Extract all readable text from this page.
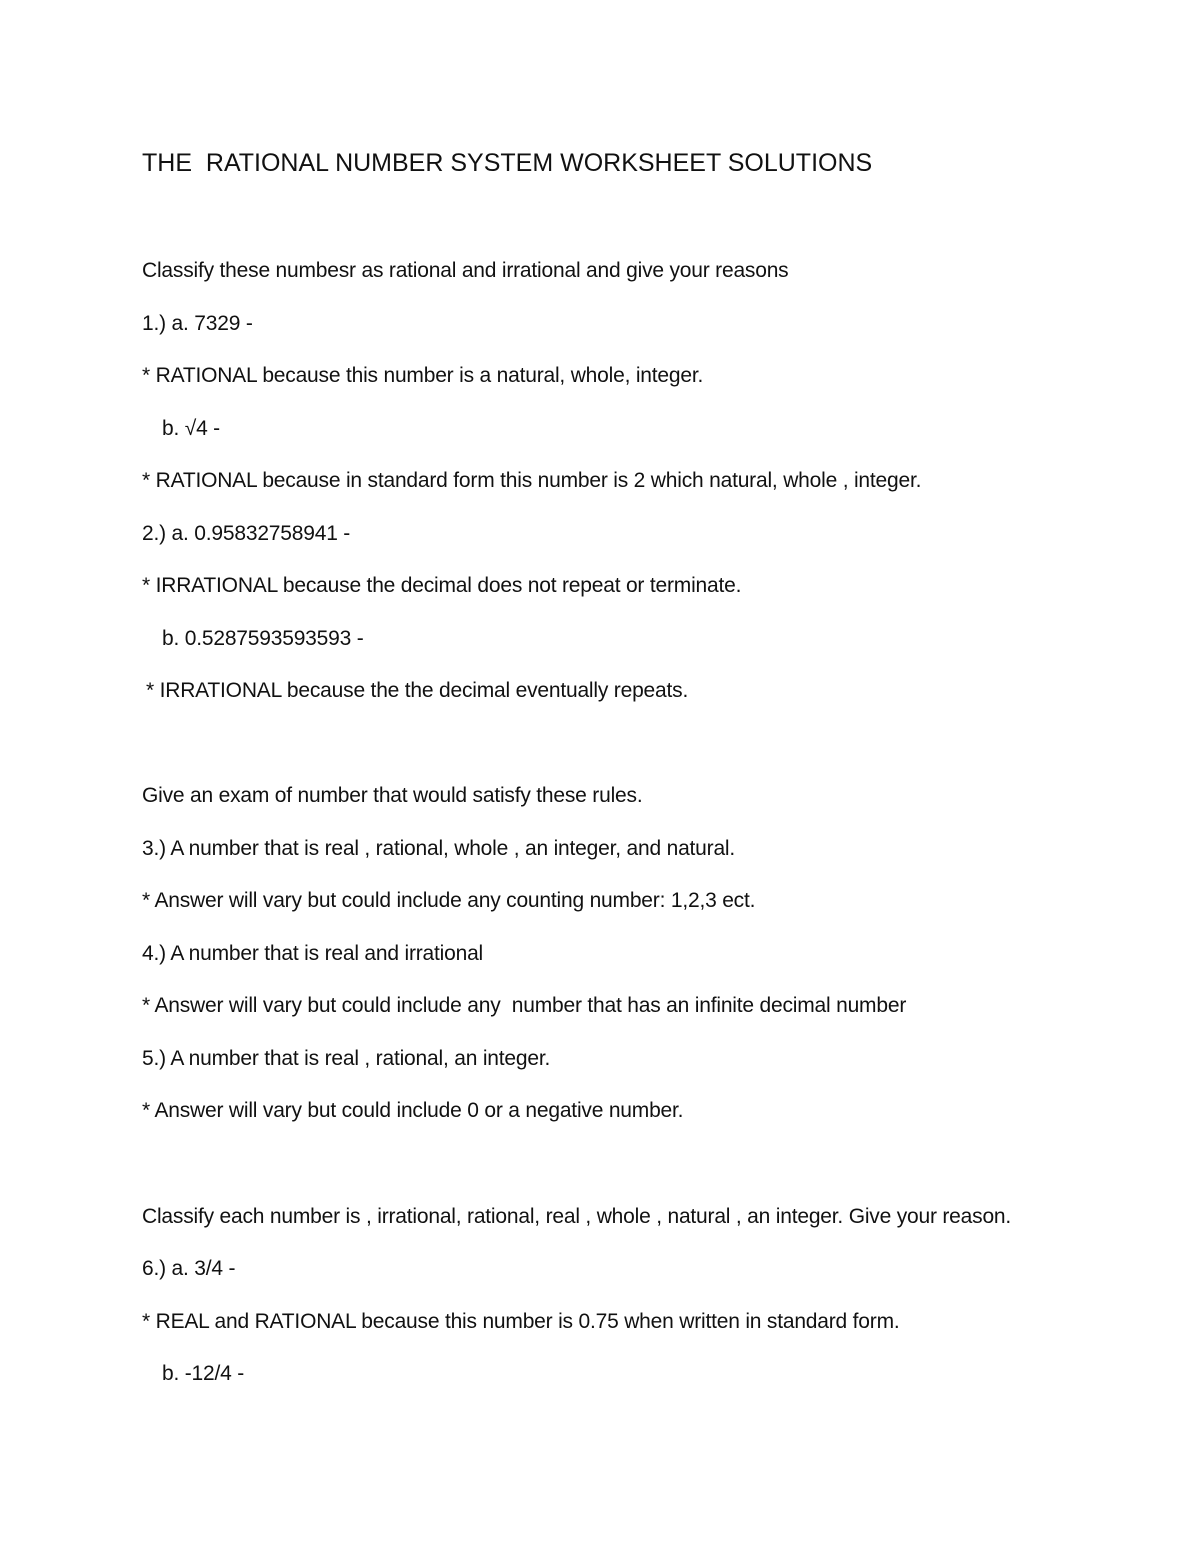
THE  RATIONAL NUMBER SYSTEM WORKSHEET SOLUTIONS
Classify these numbesr as rational and irrational and give your reasons
1.) a. 7329 -
* RATIONAL because this number is a natural, whole, integer.
b. √4 -
* RATIONAL because in standard form this number is 2 which natural, whole , integer.
2.) a. 0.95832758941 -
* IRRATIONAL because the decimal does not repeat or terminate.
b. 0.5287593593593 -
* IRRATIONAL because the the decimal eventually repeats.
Give an exam of number that would satisfy these rules.
3.) A number that is real , rational, whole , an integer, and natural.
* Answer will vary but could include any counting number: 1,2,3 ect.
4.) A number that is real and irrational
* Answer will vary but could include any  number that has an infinite decimal number
5.) A number that is real , rational, an integer.
* Answer will vary but could include 0 or a negative number.
Classify each number is , irrational, rational, real , whole , natural , an integer. Give your reason.
6.) a. 3/4 -
* REAL and RATIONAL because this number is 0.75 when written in standard form.
b. -12/4 -
